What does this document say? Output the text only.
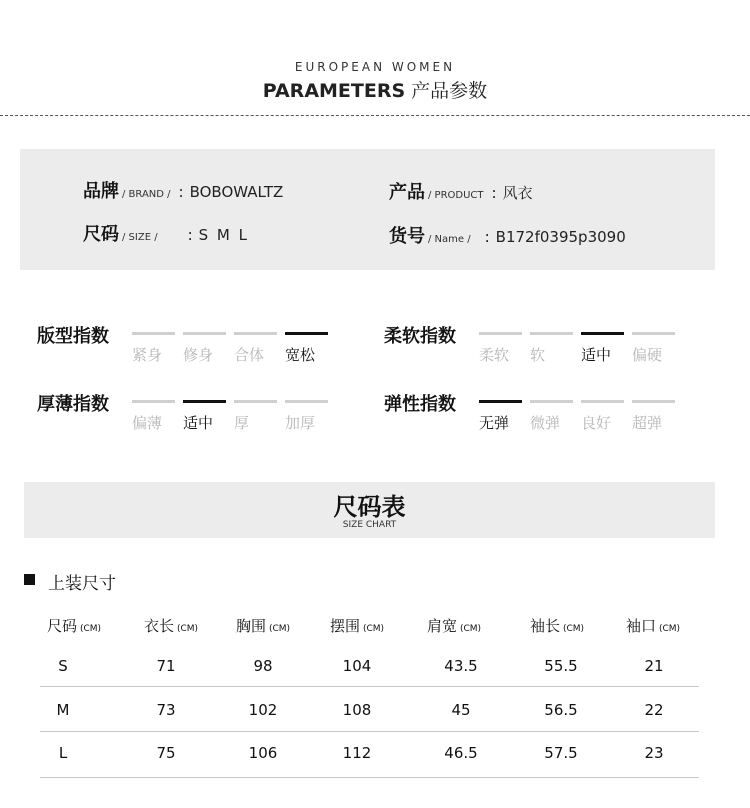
EUROPEAN WOMEN
PARAMETERS 产品参数
品牌 / BRAND / : BOBOWALTZ	产品 / PRODUCT : 风衣
尺码 / SIZE / : S M L	货号 / Name / : B172f0395p3090
版型指数
紧身	修身	合体	宽松
柔软指数
柔软	软	适中	偏硬
厚薄指数
偏薄	适中	厚	加厚
弹性指数
无弹	微弹	良好	超弹
尺码表
SIZE CHART
上装尺寸
尺码 (CM)	衣长 (CM)	胸围 (CM)	摆围 (CM)	肩宽 (CM)	袖长 (CM)	袖口 (CM)
S	71	98	104	43.5	55.5	21
M	73	102	108	45	56.5	22
L	75	106	112	46.5	57.5	23
